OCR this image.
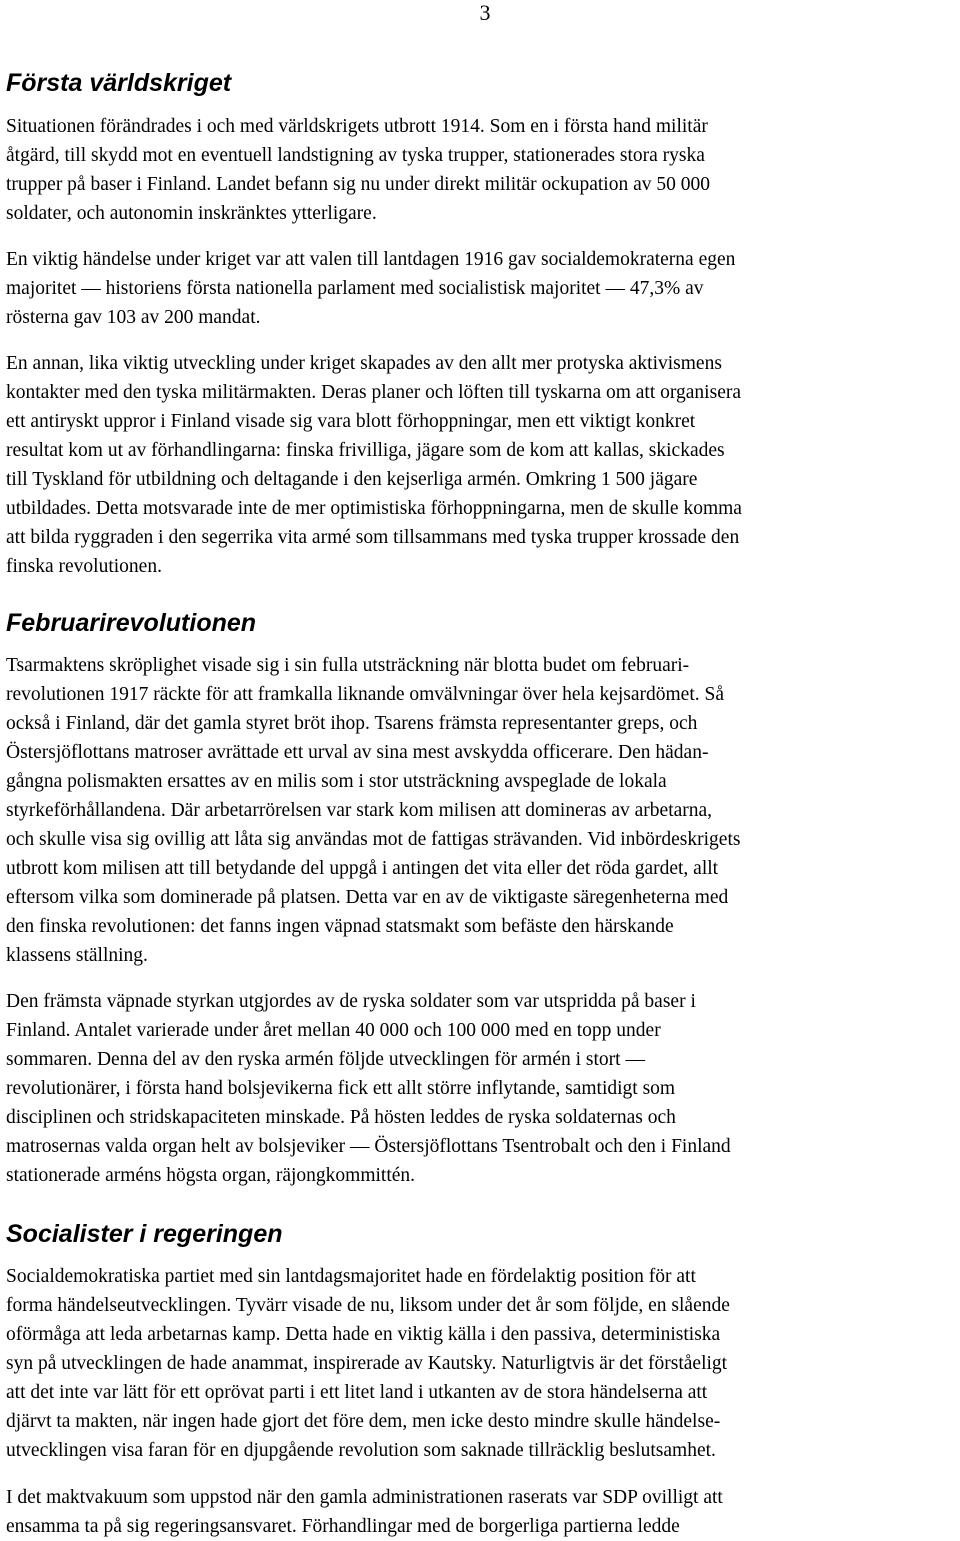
3
Första världskriget
Situationen förändrades i och med världskrigets utbrott 1914. Som en i första hand militär
åtgärd, till skydd mot en eventuell landstigning av tyska trupper, stationerades stora ryska
trupper på baser i Finland. Landet befann sig nu under direkt militär ockupation av 50 000
soldater, och autonomin inskränktes ytterligare.
En viktig händelse under kriget var att valen till lantdagen 1916 gav socialdemokraterna egen
majoritet — historiens första nationella parlament med socialistisk majoritet — 47,3% av
rösterna gav 103 av 200 mandat.
En annan, lika viktig utveckling under kriget skapades av den allt mer protyska aktivismens
kontakter med den tyska militärmakten. Deras planer och löften till tyskarna om att organisera
ett antiryskt uppror i Finland visade sig vara blott förhoppningar, men ett viktigt konkret
resultat kom ut av förhandlingarna: finska frivilliga, jägare som de kom att kallas, skickades
till Tyskland för utbildning och deltagande i den kejserliga armén. Omkring 1 500 jägare
utbildades. Detta motsvarade inte de mer optimistiska förhoppningarna, men de skulle komma
att bilda ryggraden i den segerrika vita armé som tillsammans med tyska trupper krossade den
finska revolutionen.
Februarirevolutionen
Tsarmaktens skröplighet visade sig i sin fulla utsträckning när blotta budet om februari-
revolutionen 1917 räckte för att framkalla liknande omvälvningar över hela kejsardömet. Så
också i Finland, där det gamla styret bröt ihop. Tsarens främsta representanter greps, och
Östersjöflottans matroser avrättade ett urval av sina mest avskydda officerare. Den hädan-
gångna polismakten ersattes av en milis som i stor utsträckning avspeglade de lokala
styrkeförhållandena. Där arbetarrörelsen var stark kom milisen att domineras av arbetarna,
och skulle visa sig ovillig att låta sig användas mot de fattigas strävanden. Vid inbördeskrigets
utbrott kom milisen att till betydande del uppgå i antingen det vita eller det röda gardet, allt
eftersom vilka som dominerade på platsen. Detta var en av de viktigaste säregenheterna med
den finska revolutionen: det fanns ingen väpnad statsmakt som befäste den härskande
klassens ställning.
Den främsta väpnade styrkan utgjordes av de ryska soldater som var utspridda på baser i
Finland. Antalet varierade under året mellan 40 000 och 100 000 med en topp under
sommaren. Denna del av den ryska armén följde utvecklingen för armén i stort —
revolutionärer, i första hand bolsjevikerna fick ett allt större inflytande, samtidigt som
disciplinen och stridskapaciteten minskade. På hösten leddes de ryska soldaternas och
matrosernas valda organ helt av bolsjeviker — Östersjöflottans Tsentrobalt och den i Finland
stationerade arméns högsta organ, räjongkommittén.
Socialister i regeringen
Socialdemokratiska partiet med sin lantdagsmajoritet hade en fördelaktig position för att
forma händelseutvecklingen. Tyvärr visade de nu, liksom under det år som följde, en slående
oförmåga att leda arbetarnas kamp. Detta hade en viktig källa i den passiva, deterministiska
syn på utvecklingen de hade anammat, inspirerade av Kautsky. Naturligtvis är det förståeligt
att det inte var lätt för ett oprövat parti i ett litet land i utkanten av de stora händelserna att
djärvt ta makten, när ingen hade gjort det före dem, men icke desto mindre skulle händelse-
utvecklingen visa faran för en djupgående revolution som saknade tillräcklig beslutsamhet.
I det maktvakuum som uppstod när den gamla administrationen raserats var SDP ovilligt att
ensamma ta på sig regeringsansvaret. Förhandlingar med de borgerliga partierna ledde
